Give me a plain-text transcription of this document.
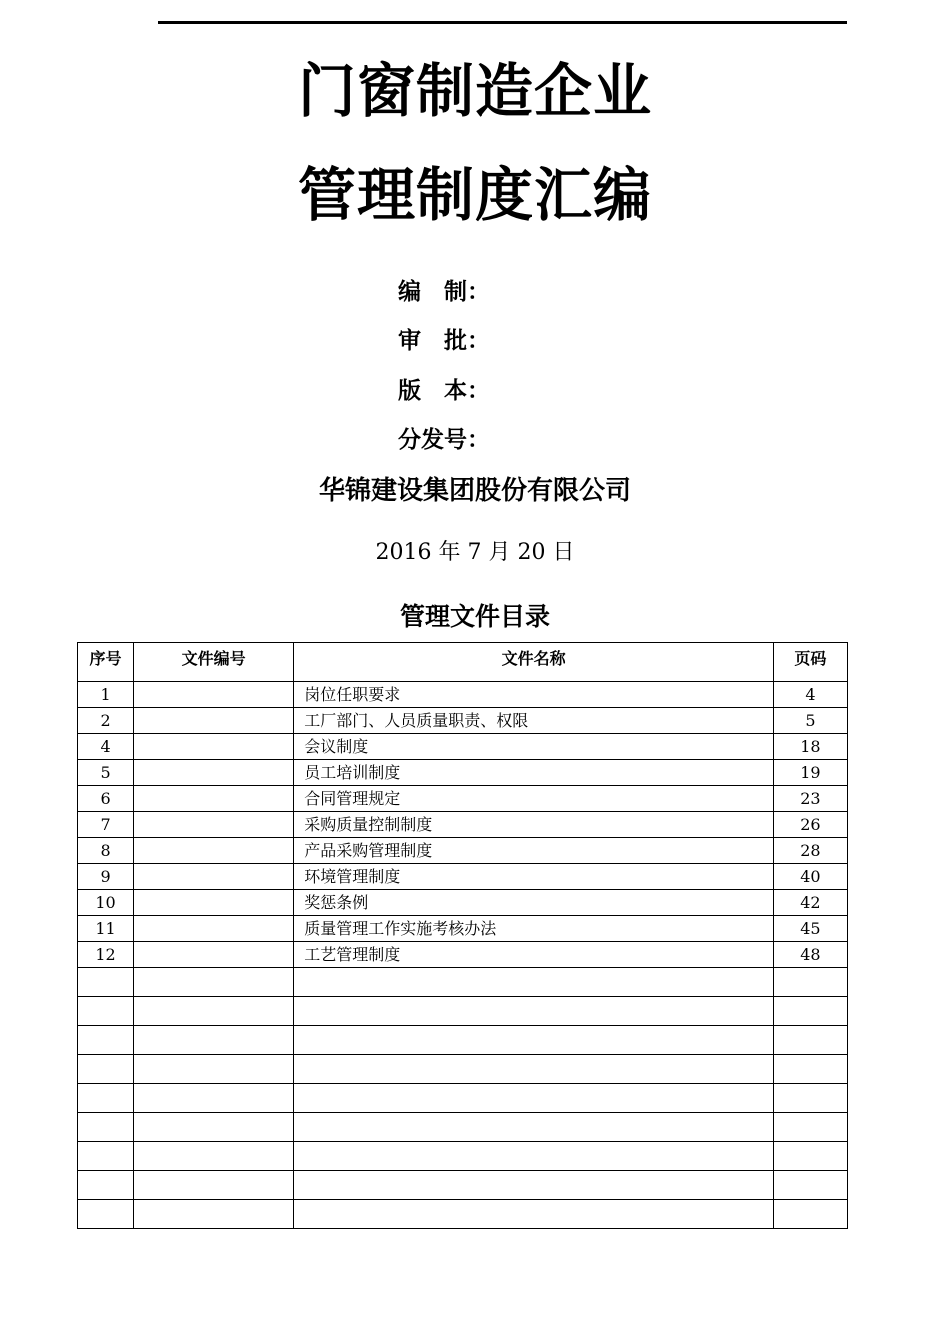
门窗制造企业
管理制度汇编
编　制：
审　批：
版　本：
分发号：
华锦建设集团股份有限公司
2016 年 7 月 20 日
管理文件目录
序号	文件编号	文件名称	页码
1		岗位任职要求	4
2		工厂部门、人员质量职责、权限	5
4		会议制度	18
5		员工培训制度	19
6		合同管理规定	23
7		采购质量控制制度	26
8		产品采购管理制度	28
9		环境管理制度	40
10		奖惩条例	42
11		质量管理工作实施考核办法	45
12		工艺管理制度	48
